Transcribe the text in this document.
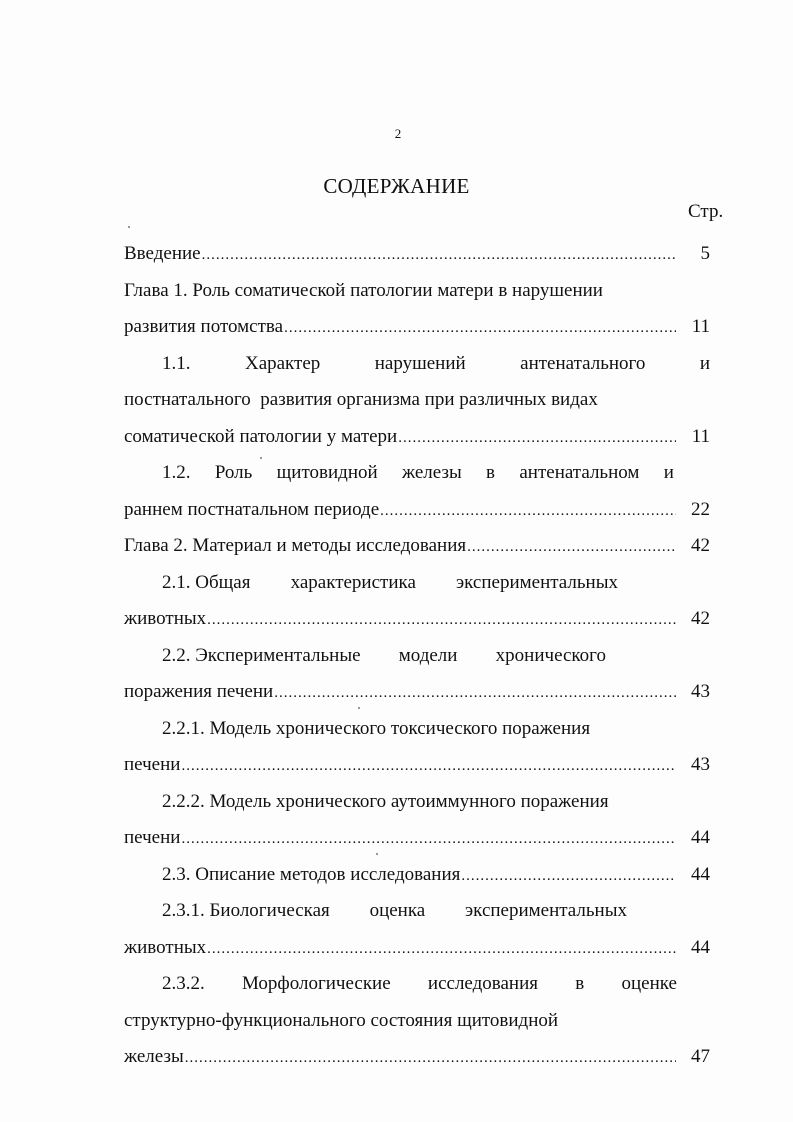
2
СОДЕРЖАНИЕ
Стр.
Введение .....	5
Глава 1. Роль соматической патологии матери в нарушении
развития потомства .....	11
1.1.	Характер	нарушений	антенатального	и
постнатального  развития организма при различных видах
соматической патологии у матери .....	11
1.2. Роль щитовидной железы в антенатальном и
раннем постнатальном периоде .....	22
Глава 2. Материал и методы исследования .....	42
2.1. Общая характеристика экспериментальных
животных .....	42
2.2. Экспериментальные модели хронического
поражения печени .....	43
2.2.1. Модель хронического токсического поражения
печени .....	43
2.2.2. Модель хронического аутоиммунного поражения
печени .....	44
2.3. Описание методов исследования .....	44
2.3.1. Биологическая оценка экспериментальных
животных .....	44
2.3.2. Морфологические исследования в оценке
структурно-функционального состояния щитовидной
железы .....	47
